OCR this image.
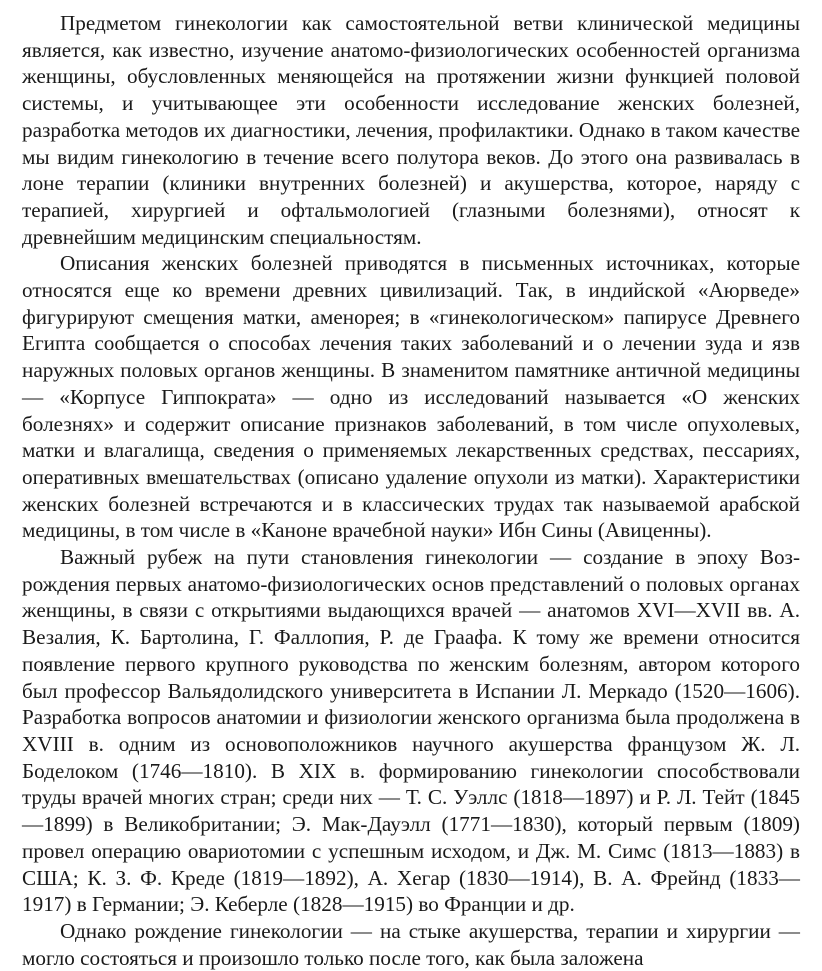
Предметом гинекологии как самостоятельной ветви клинической медицины является, как известно, изучение анатомо-физиологических особенностей организма женщины, обусловленных меняющейся на протяжении жизни функцией половой системы, и учитывающее эти особенности исследование женских болезней, разработка методов их диагностики, лечения, профилактики. Однако в таком качестве мы видим гинекологию в течение всего полутора веков. До этого она развивалась в лоне терапии (клиники внутренних болезней) и акушерства, которое, наряду с терапией, хирургией и офтальмологией (глазными болезнями), относят к древнейшим медицинским специальностям.

Описания женских болезней приводятся в письменных источниках, которые относятся еще ко времени древних цивилизаций. Так, в индийской «Аюрведе» фигурируют смещения матки, аменорея; в «гинекологическом» папирусе Древнего Египта сообщается о способах лечения таких заболеваний и о лечении зуда и язв наружных половых органов женщины. В знаменитом памятнике античной медицины — «Корпусе Гиппократа» — одно из исследований называется «О женских болезнях» и содержит описание признаков заболеваний, в том числе опухолевых, матки и влагалища, сведения о применяемых лекарственных средствах, пессариях, оперативных вмешательствах (описано удаление опухоли из матки). Характеристики женских болезней встречаются и в классических трудах так называемой арабской медицины, в том числе в «Каноне врачебной науки» Ибн Сины (Авиценны).

Важный рубеж на пути становления гинекологии — создание в эпоху Возрождения первых анатомо-физиологических основ представлений о половых органах женщины, в связи с открытиями выдающихся врачей — анатомов XVI—XVII вв. А. Везалия, К. Бартолина, Г. Фаллопия, Р. де Граафа. К тому же времени относится появление первого крупного руководства по женским болезням, автором которого был профессор Вальядолидского университета в Испании Л. Меркадо (1520—1606). Разработка вопросов анатомии и физиологии женского организма была продолжена в XVIII в. одним из основоположников научного акушерства французом Ж. Л. Боделоком (1746—1810). В XIX в. формированию гинекологии способствовали труды врачей многих стран; среди них — Т. С. Уэллс (1818—1897) и Р. Л. Тейт (1845—1899) в Великобритании; Э. Мак-Дауэлл (1771—1830), который первым (1809) провел операцию овариотомии с успешным исходом, и Дж. М. Симс (1813—1883) в США; К. З. Ф. Креде (1819—1892), А. Хегар (1830—1914), В. А. Фрейнд (1833—1917) в Германии; Э. Кеберле (1828—1915) во Франции и др.

Однако рождение гинекологии — на стыке акушерства, терапии и хирургии — могло состояться и произошло только после того, как была заложена
